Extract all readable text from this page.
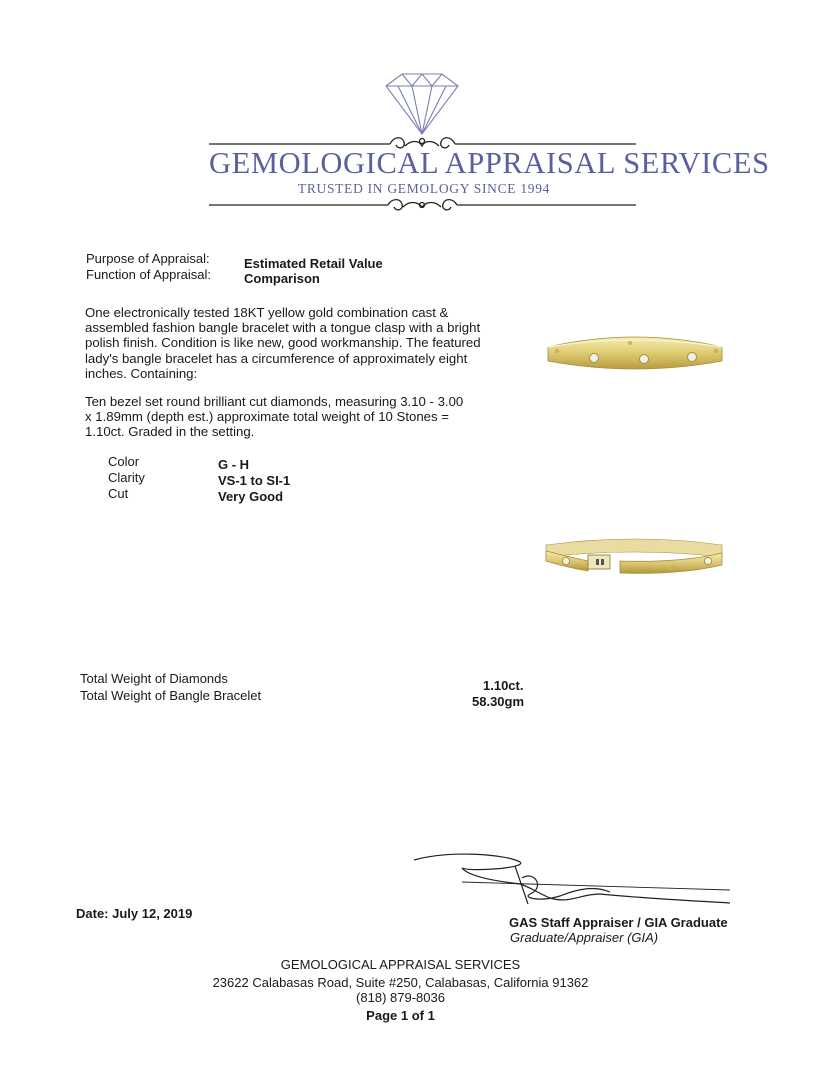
GEMOLOGICAL APPRAISAL SERVICES
TRUSTED IN GEMOLOGY SINCE 1994
Purpose of Appraisal:	Estimated Retail Value
Function of Appraisal:	Comparison
One electronically tested 18KT yellow gold combination cast &
assembled fashion bangle bracelet with a tongue clasp with a bright
polish finish. Condition is like new, good workmanship. The featured
lady's bangle bracelet has a circumference of approximately eight
inches. Containing:
Ten bezel set round brilliant cut diamonds, measuring 3.10 - 3.00
x 1.89mm (depth est.) approximate total weight of 10 Stones =
1.10ct. Graded in the setting.
Color	G - H
Clarity	VS-1 to SI-1
Cut	Very Good
Total Weight of Diamonds	1.10ct.
Total Weight of Bangle Bracelet	58.30gm
Date: July 12, 2019
GAS Staff Appraiser / GIA Graduate
Graduate/Appraiser (GIA)
GEMOLOGICAL APPRAISAL SERVICES
23622 Calabasas Road, Suite #250, Calabasas, California 91362
(818) 879-8036
Page 1 of 1
